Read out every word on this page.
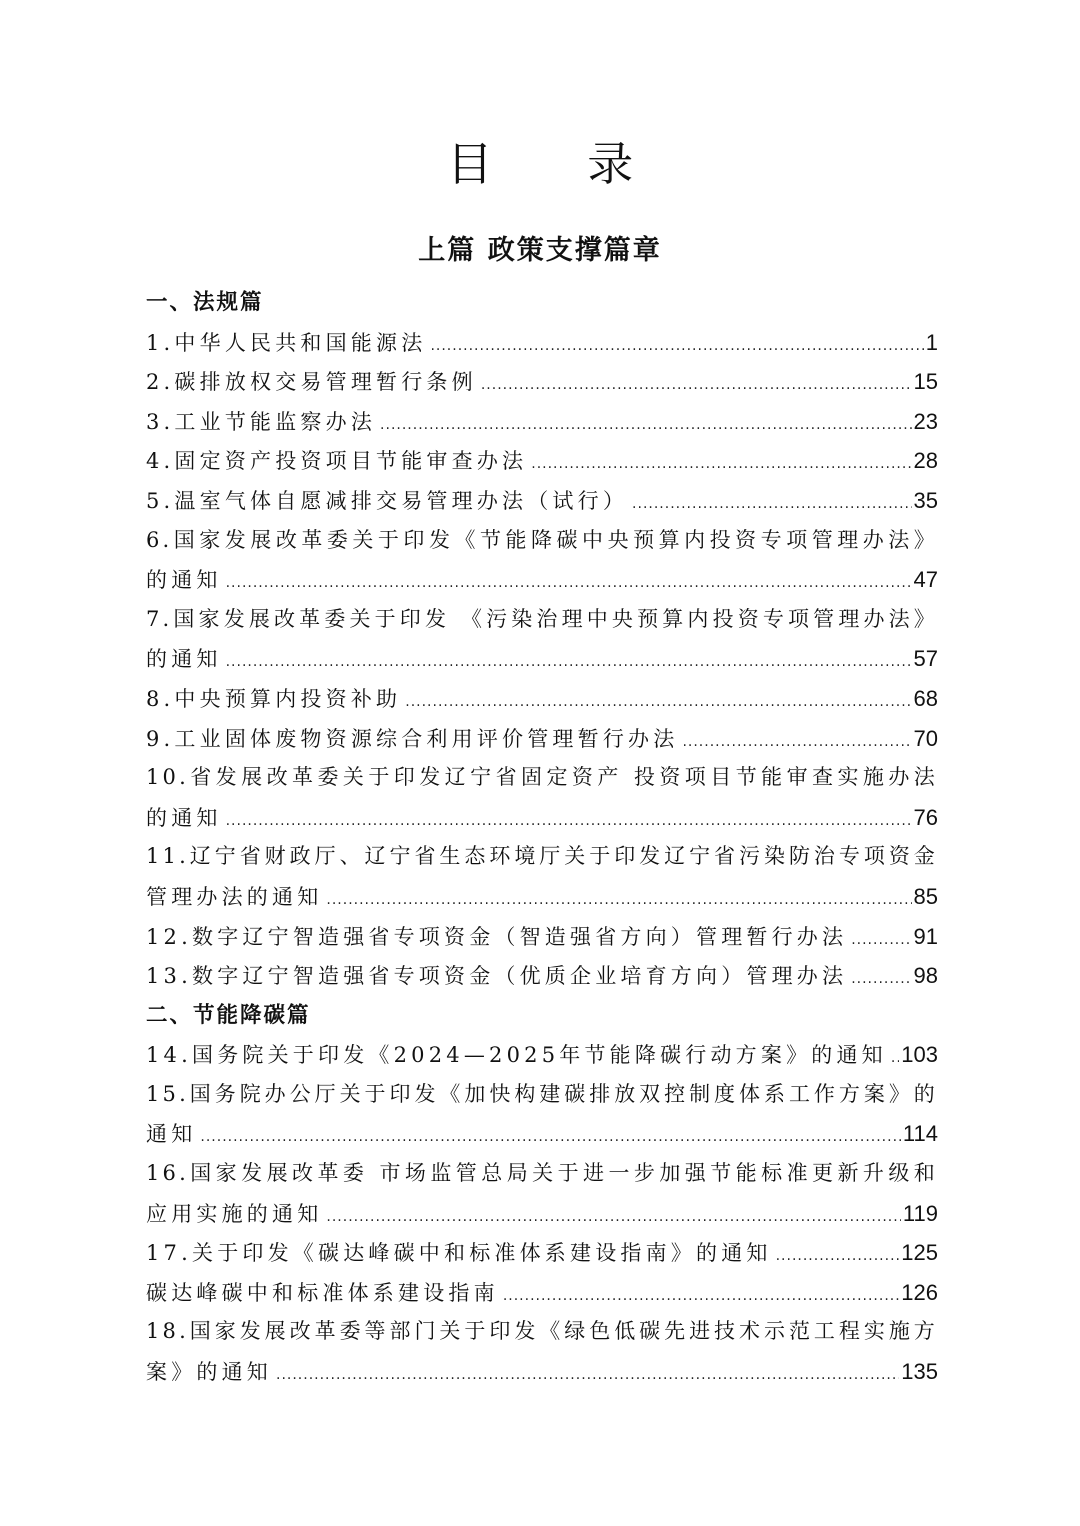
目 录
上篇 政策支撑篇章
一、法规篇
1.中华人民共和国能源法 .....	1
2.碳排放权交易管理暂行条例 .....	15
3.工业节能监察办法 .....	23
4.固定资产投资项目节能审查办法 .....	28
5.温室气体自愿减排交易管理办法（试行） .....	35
6.国家发展改革委关于印发《节能降碳中央预算内投资专项管理办法》
的通知 .....	47
7.国家发展改革委关于印发 《污染治理中央预算内投资专项管理办法》
的通知 .....	57
8.中央预算内投资补助 .....	68
9.工业固体废物资源综合利用评价管理暂行办法 .....	70
10.省发展改革委关于印发辽宁省固定资产 投资项目节能审查实施办法
的通知 .....	76
11.辽宁省财政厅、辽宁省生态环境厅关于印发辽宁省污染防治专项资金
管理办法的通知 .....	85
12.数字辽宁智造强省专项资金（智造强省方向）管理暂行办法 .....	91
13.数字辽宁智造强省专项资金（优质企业培育方向）管理办法 .....	98
二、节能降碳篇
14.国务院关于印发《2024—2025年节能降碳行动方案》的通知 ..... 103
15.国务院办公厅关于印发《加快构建碳排放双控制度体系工作方案》的
通知 .....	114
16.国家发展改革委 市场监管总局关于进一步加强节能标准更新升级和
应用实施的通知 .....	119
17.关于印发《碳达峰碳中和标准体系建设指南》的通知 .....	125
碳达峰碳中和标准体系建设指南 .....	126
18.国家发展改革委等部门关于印发《绿色低碳先进技术示范工程实施方
案》的通知 .....	135
